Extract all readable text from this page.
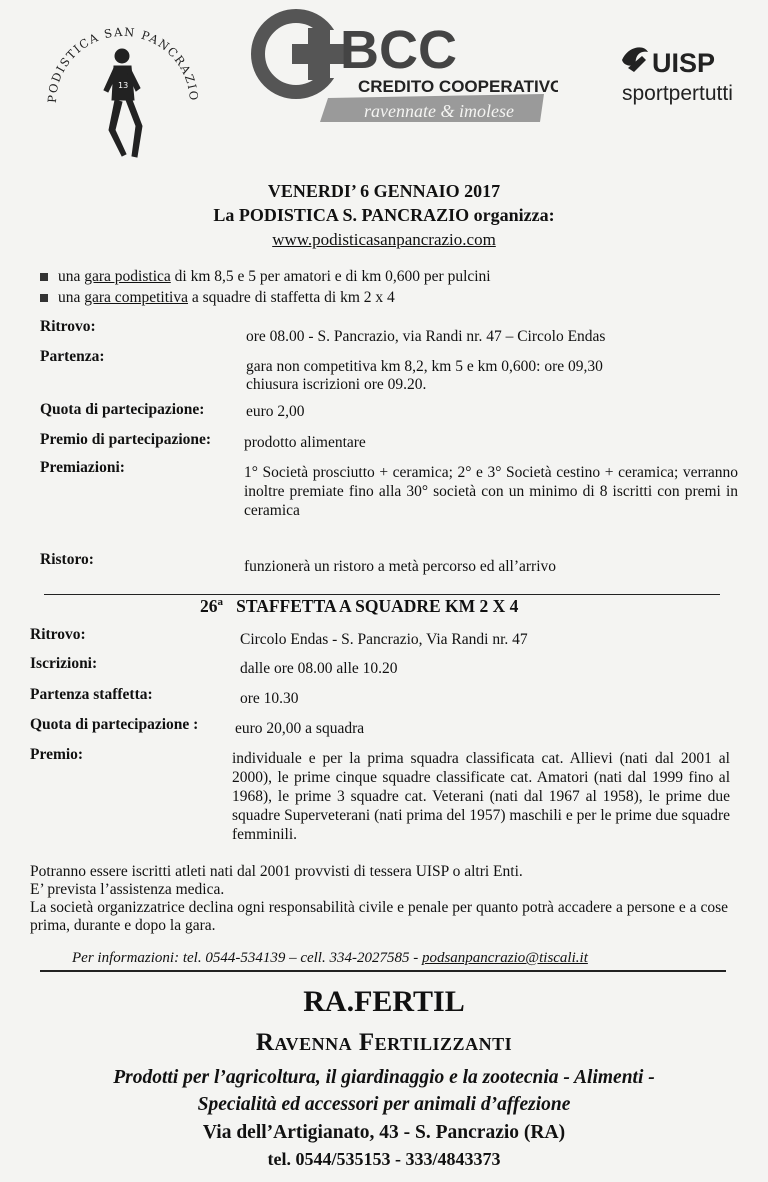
PODISTICA SAN PANCRAZ
13
BCC
CREDITO COOPERATIVO
ravennate & imolese
UISP
sportpertutti
VENERDI’ 6 GENNAIO 2017
La PODISTICA S. PANCRAZIO organizza:
www.podisticasanpancrazio.com
una gara podistica di km 8,5 e 5 per amatori e di km 0,600 per pulcini
una gara competitiva a squadre di staffetta di km 2 x 4
Ritrovo:
ore 08.00 - S. Pancrazio, via Randi nr. 47 – Circolo Endas
Partenza:
gara non competitiva km 8,2, km 5 e km 0,600: ore 09,30
chiusura iscrizioni ore 09.20.
Quota di partecipazione:	euro 2,00
Premio di partecipazione: prodotto alimentare
Premiazioni:	1° Società prosciutto + ceramica; 2° e 3° Società cestino + ceramica; verranno inoltre premiate fino alla 30° società con un minimo di 8 iscritti con premi in ceramica
Ristoro:	funzionerà un ristoro a metà percorso ed all’arrivo
26$^a$ STAFFETTA A SQUADRE KM 2 X 4
Ritrovo:	Circolo Endas - S. Pancrazio, Via Randi nr. 47
Iscrizioni:	dalle ore 08.00 alle 10.20
Partenza staffetta:	ore 10.30
Quota di partecipazione : euro 20,00 a squadra
Premio:	individuale e per la prima squadra classificata cat. Allievi (nati dal 2001 al 2000), le prime cinque squadre classificate cat. Amatori (nati dal 1999 fino al 1968), le prime 3 squadre cat. Veterani (nati dal 1967 al 1958), le prime due squadre Superveterani (nati prima del 1957) maschili e per le prime due squadre femminili.
Potranno essere iscritti atleti nati dal 2001 provvisti di tessera UISP o altri Enti.
E’ prevista l’assistenza medica.
La società organizzatrice declina ogni responsabilità civile e penale per quanto potrà accadere a persone e a cose prima, durante e dopo la gara.
Per informazioni: tel. 0544-534139 – cell. 334-2027585 - podsanpancrazio@tiscali.it
RA.FERTIL
Ravenna Fertilizzanti
Prodotti per l’agricoltura, il giardinaggio e la zootecnia - Alimenti -
Specialità ed accessori per animali d’affezione
Via dell’Artigianato, 43 - S. Pancrazio (RA)
tel. 0544/535153 - 333/4843373
